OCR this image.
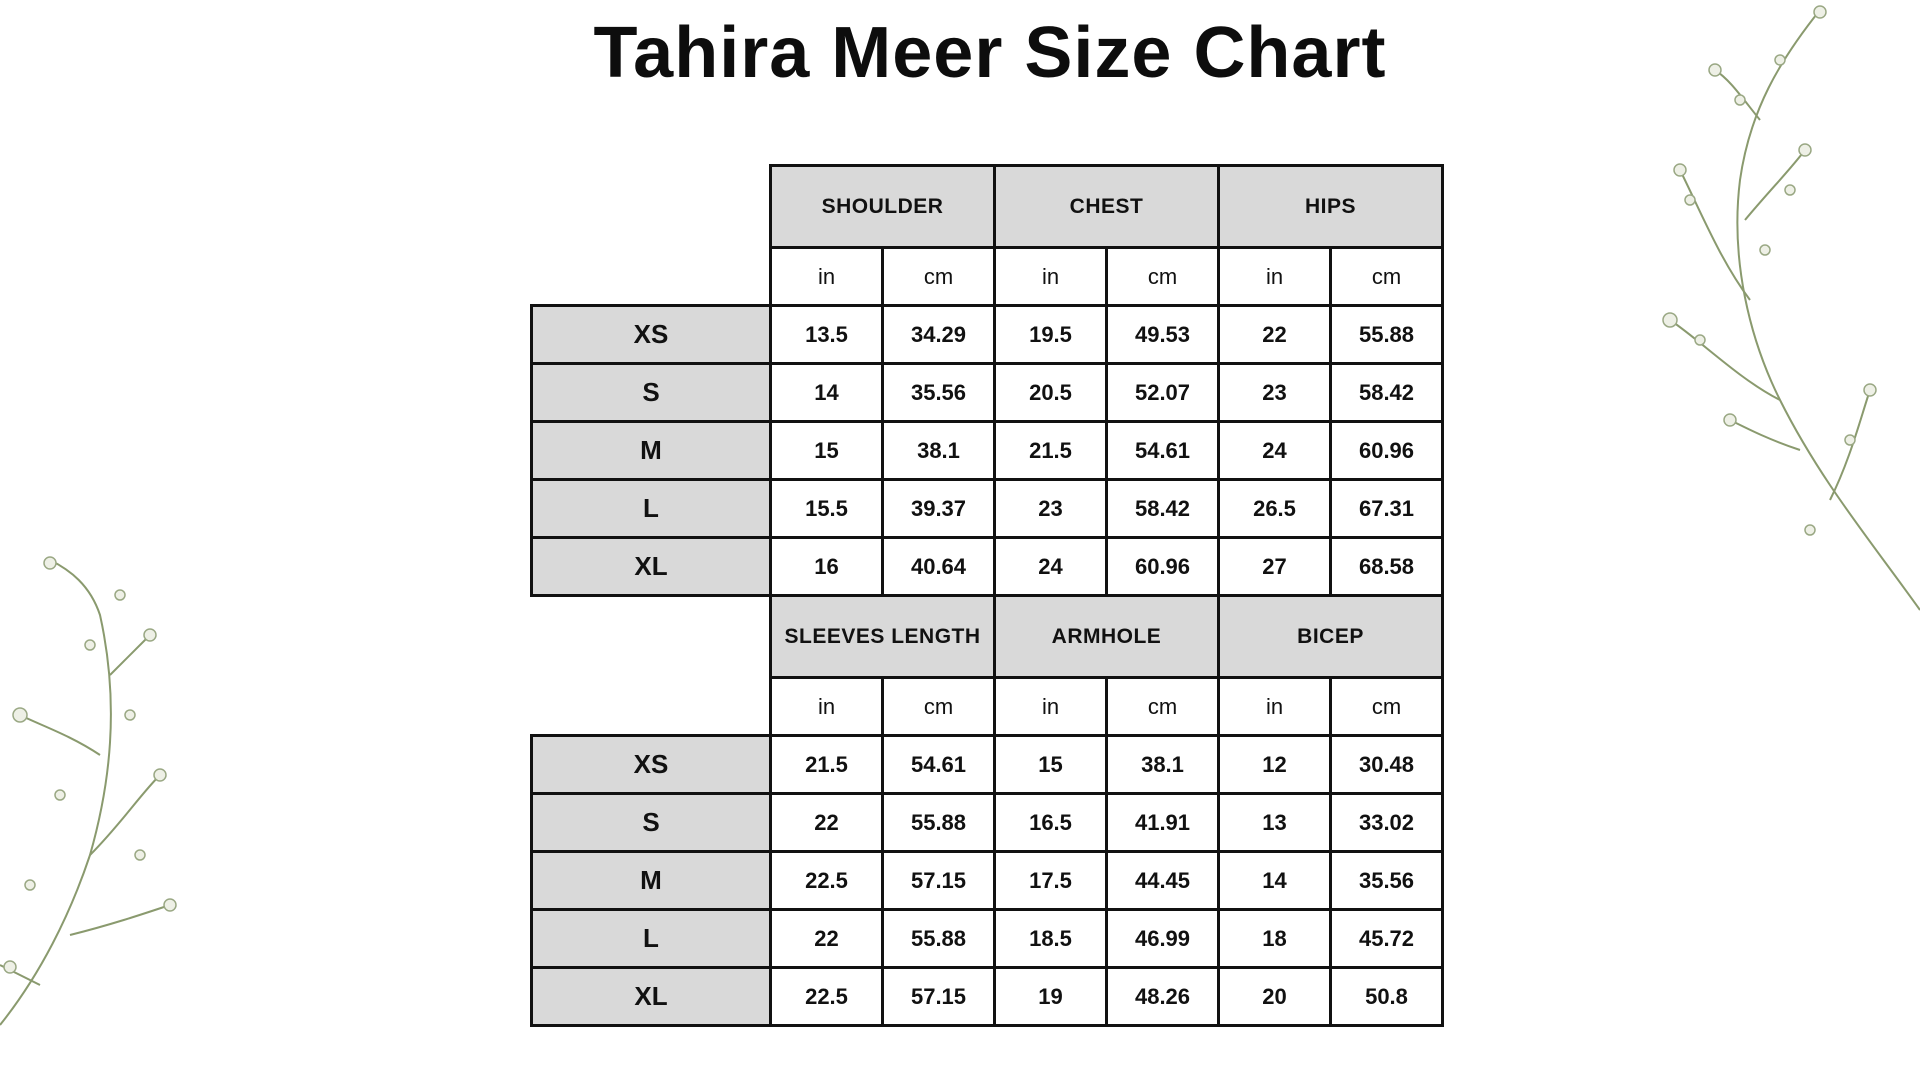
Tahira Meer Size Chart
	SHOULDER		CHEST		HIPS	
	in	cm	in	cm	in	cm
XS	13.5	34.29	19.5	49.53	22	55.88
S	14	35.56	20.5	52.07	23	58.42
M	15	38.1	21.5	54.61	24	60.96
L	15.5	39.37	23	58.42	26.5	67.31
XL	16	40.64	24	60.96	27	68.58
	SLEEVES LENGTH		ARMHOLE		BICEP	
	in	cm	in	cm	in	cm
XS	21.5	54.61	15	38.1	12	30.48
S	22	55.88	16.5	41.91	13	33.02
M	22.5	57.15	17.5	44.45	14	35.56
L	22	55.88	18.5	46.99	18	45.72
XL	22.5	57.15	19	48.26	20	50.8
